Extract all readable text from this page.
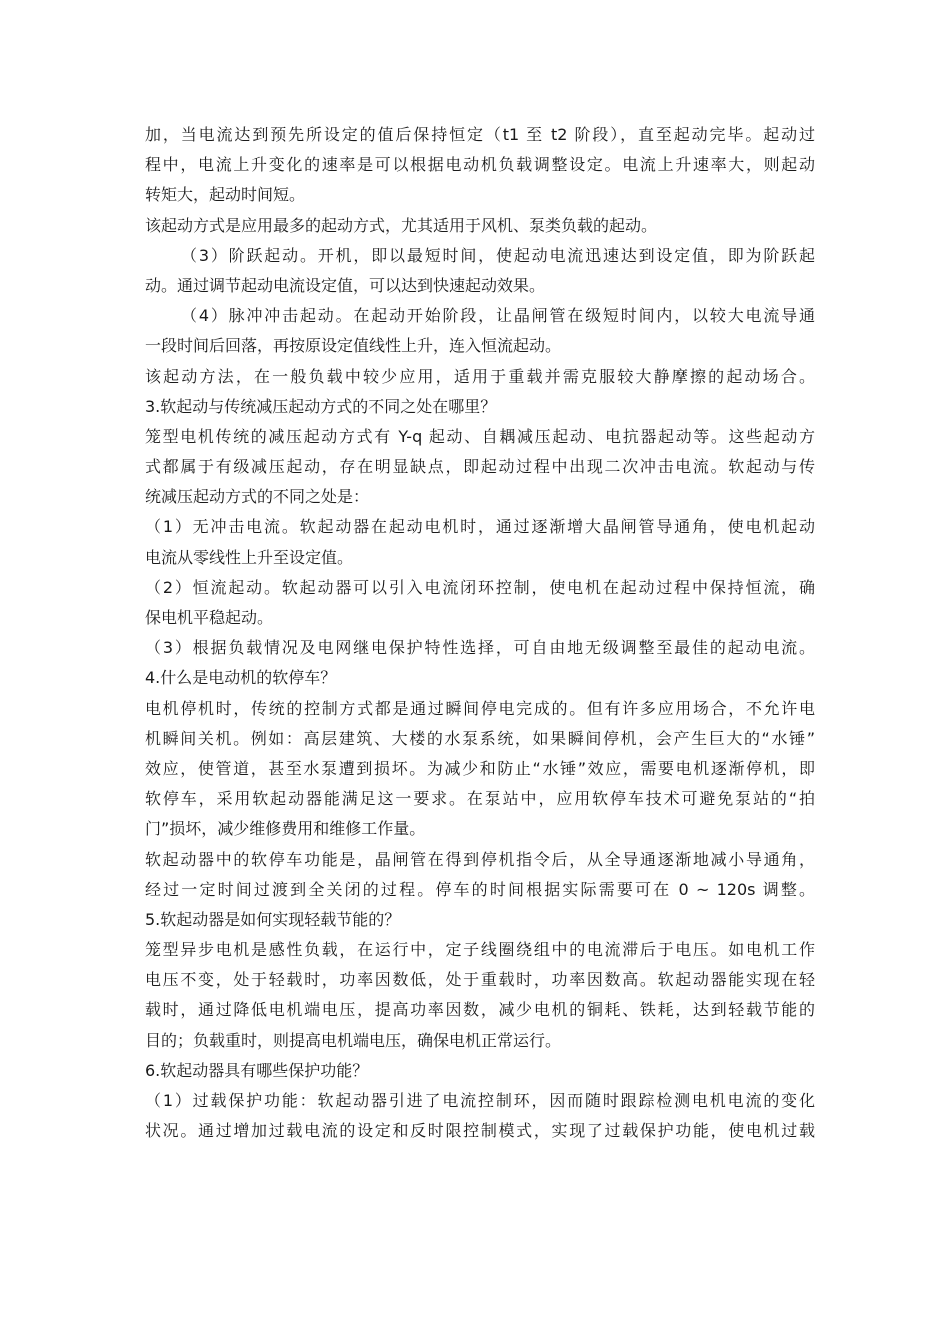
加，当电流达到预先所设定的值后保持恒定（t1 至 t2 阶段），直至起动完毕。起动过
程中，电流上升变化的速率是可以根据电动机负载调整设定。电流上升速率大，则起动
转矩大，起动时间短。
该起动方式是应用最多的起动方式，尤其适用于风机、泵类负载的起动。
（3）阶跃起动。开机，即以最短时间，使起动电流迅速达到设定值，即为阶跃起
动。通过调节起动电流设定值，可以达到快速起动效果。
（4）脉冲冲击起动。在起动开始阶段，让晶闸管在级短时间内，以较大电流导通
一段时间后回落，再按原设定值线性上升，连入恒流起动。
该起动方法，在一般负载中较少应用，适用于重载并需克服较大静摩擦的起动场合。
3.软起动与传统减压起动方式的不同之处在哪里？
笼型电机传统的减压起动方式有 Y-q 起动、自耦减压起动、电抗器起动等。这些起动方
式都属于有级减压起动，存在明显缺点，即起动过程中出现二次冲击电流。软起动与传
统减压起动方式的不同之处是：
（1）无冲击电流。软起动器在起动电机时，通过逐渐增大晶闸管导通角，使电机起动
电流从零线性上升至设定值。
（2）恒流起动。软起动器可以引入电流闭环控制，使电机在起动过程中保持恒流，确
保电机平稳起动。
（3）根据负载情况及电网继电保护特性选择，可自由地无级调整至最佳的起动电流。
4.什么是电动机的软停车？
电机停机时，传统的控制方式都是通过瞬间停电完成的。但有许多应用场合，不允许电
机瞬间关机。例如：高层建筑、大楼的水泵系统，如果瞬间停机，会产生巨大的“水锤”
效应，使管道，甚至水泵遭到损坏。为减少和防止“水锤”效应，需要电机逐渐停机，即
软停车，采用软起动器能满足这一要求。在泵站中，应用软停车技术可避免泵站的“拍
门”损坏，减少维修费用和维修工作量。
软起动器中的软停车功能是，晶闸管在得到停机指令后，从全导通逐渐地减小导通角，
经过一定时间过渡到全关闭的过程。停车的时间根据实际需要可在 0 ~ 120s 调整。
5.软起动器是如何实现轻载节能的？
笼型异步电机是感性负载，在运行中，定子线圈绕组中的电流滞后于电压。如电机工作
电压不变，处于轻载时，功率因数低，处于重载时，功率因数高。软起动器能实现在轻
载时，通过降低电机端电压，提高功率因数，减少电机的铜耗、铁耗，达到轻载节能的
目的；负载重时，则提高电机端电压，确保电机正常运行。
6.软起动器具有哪些保护功能？
（1）过载保护功能：软起动器引进了电流控制环，因而随时跟踪检测电机电流的变化
状况。通过增加过载电流的设定和反时限控制模式，实现了过载保护功能，使电机过载
